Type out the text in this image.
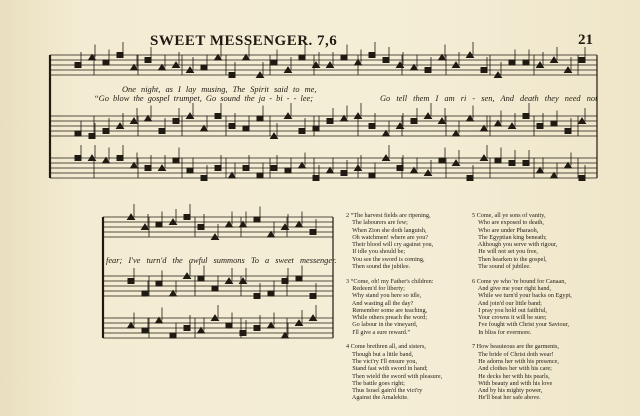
SWEET MESSENGER. 7,6	21
One night, as I lay musing, The Spirit said to me,
“Go blow the gospel trumpet, Go sound the ja - bi - - lee;	Go tell them I am ri - sen, And death they need not
fear; I've turn'd the awful summons To a sweet messenger.
2 “The harvest fields are ripening,
The labourers are few;
When Zion she doth languish,
Oh watchmen! where are you?
Their blood will cry against you,
If idle you should be;
You see the sword is coming,
Then sound the jubilee.

3 “Come, oh! my Father's children:
Redeem'd for liberty;
Why stand you here so idle,
And wasting all the day?
Remember some are teaching,
While others preach the word;
Go labour in the vineyard,
I'll give a sure reward.”

4 Come brethren all, and sisters,
Though but a little band,
The vict'ry I'll ensure you,
Stand fast with sword in hand;
Then wield the sword with pleasure,
The battle goes right;
Thus Israel gain'd the vict'ry
Against the Amalekite.
5 Come, all ye sons of vanity,
Who are exposed to death,
Who are under Pharaoh,
The Egyptian king beneath;
Although you serve with rigour,
He will not set you free,
Then hearken to the gospel,
The sound of jubilee.

6 Come ye who 're bound for Canaan,
And give me your right hand,
While we turn'd your backs on Egypt,
And join'd our little band;
I pray you hold out faithful,
Your crowns it will be sure;
I've fought with Christ your Saviour,
In bliss for evermore.

7 How beauteous are the garments,
The bride of Christ doth wear!
He adorns her with his presence,
And clothes her with his care;
He decks her with his pearls,
With beauty and with his love
And by his mighty power,
He'll beat her safe above.
